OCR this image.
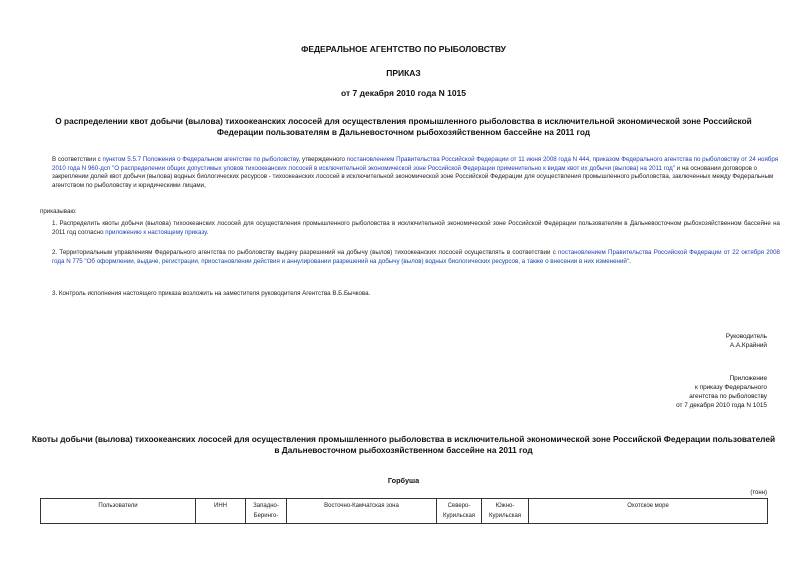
ФЕДЕРАЛЬНОЕ АГЕНТСТВО ПО РЫБОЛОВСТВУ
ПРИКАЗ
от 7 декабря 2010 года N 1015
О распределении квот добычи (вылова) тихоокеанских лососей для осуществления промышленного рыболовства в исключительной экономической зоне Российской Федерации пользователям в Дальневосточном рыбохозяйственном бассейне на 2011 год
В соответствии с пунктом 5.5.7 Положения о Федеральном агентстве по рыболовству, утвержденного постановлением Правительства Российской Федерации от 11 июня 2008 года N 444, приказом Федерального агентства по рыболовству от 24 ноября 2010 года N 960-дсп "О распределении общих допустимых уловов тихоокеанских лососей в исключительной экономической зоне Российской Федерации применительно к видам квот их добычи (вылова) на 2011 год" и на основании договоров о закреплении долей квот добычи (вылова) водных биологических ресурсов - тихоокеанских лососей в исключительной экономической зоне Российской Федерации для осуществления промышленного рыболовства, заключенных между Федеральным агентством по рыболовству и юридическими лицами,
приказываю:
1. Распределить квоты добычи (вылова) тихоокеанских лососей для осуществления промышленного рыболовства в исключительной экономической зоне Российской Федерации пользователям в Дальневосточном рыбохозяйственном бассейне на 2011 год согласно приложению к настоящему приказу.
2. Территориальным управлениям Федерального агентства по рыболовству выдачу разрешений на добычу (вылов) тихоокеанских лососей осуществлять в соответствии с постановлением Правительства Российской Федерации от 22 октября 2008 года N 775 "Об оформлении, выдаче, регистрации, приостановлении действия и аннулировании разрешений на добычу (вылов) водных биологических ресурсов, а также о внесении в них изменений".
3. Контроль исполнения настоящего приказа возложить на заместителя руководителя Агентства В.Б.Бычкова.
Руководитель
А.А.Крайний
Приложение
к приказу Федерального
агентства по рыболовству
от 7 декабря 2010 года N 1015
Квоты добычи (вылова) тихоокеанских лососей для осуществления промышленного рыболовства в исключительной экономической зоне Российской Федерации пользователей в Дальневосточном рыбохозяйственном бассейне на 2011 год
Горбуша
(тонн)
Пользователи	ИНН	Западно-Беринго-	Восточно-Камчатская зона	Северо-Курильская	Южно-Курильская	Охотское море
